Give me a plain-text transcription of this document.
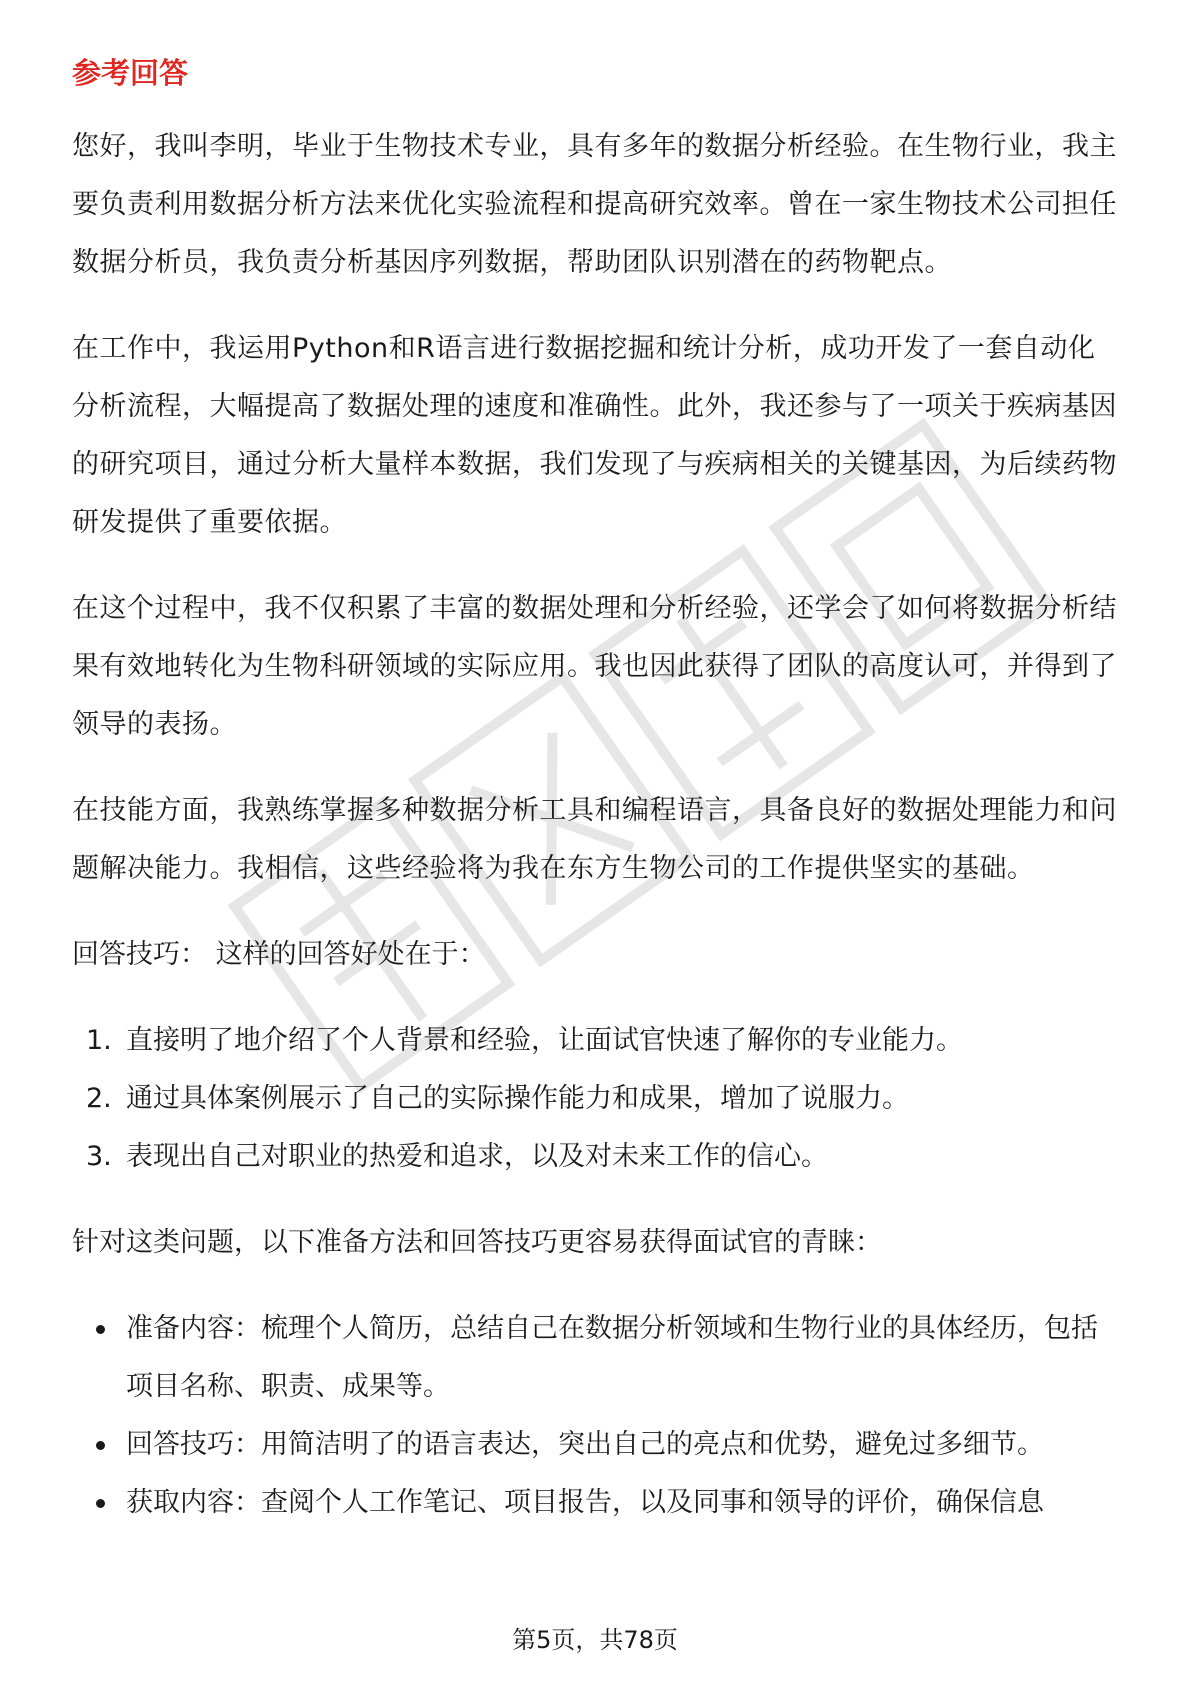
参考回答

您好，我叫李明，毕业于生物技术专业，具有多年的数据分析经验。在生物行业，我主要负责利用数据分析方法来优化实验流程和提高研究效率。曾在一家生物技术公司担任数据分析员，我负责分析基因序列数据，帮助团队识别潜在的药物靶点。

在工作中，我运用Python和R语言进行数据挖掘和统计分析，成功开发了一套自动化分析流程，大幅提高了数据处理的速度和准确性。此外，我还参与了一项关于疾病基因的研究项目，通过分析大量样本数据，我们发现了与疾病相关的关键基因，为后续药物研发提供了重要依据。

在这个过程中，我不仅积累了丰富的数据处理和分析经验，还学会了如何将数据分析结果有效地转化为生物科研领域的实际应用。我也因此获得了团队的高度认可，并得到了领导的表扬。

在技能方面，我熟练掌握多种数据分析工具和编程语言，具备良好的数据处理能力和问题解决能力。我相信，这些经验将为我在东方生物公司的工作提供坚实的基础。

回答技巧： 这样的回答好处在于：

1. 直接明了地介绍了个人背景和经验，让面试官快速了解你的专业能力。
2. 通过具体案例展示了自己的实际操作能力和成果，增加了说服力。
3. 表现出自己对职业的热爱和追求，以及对未来工作的信心。

针对这类问题，以下准备方法和回答技巧更容易获得面试官的青睐：

准备内容：梳理个人简历，总结自己在数据分析领域和生物行业的具体经历，包括项目名称、职责、成果等。
回答技巧：用简洁明了的语言表达，突出自己的亮点和优势，避免过多细节。
获取内容：查阅个人工作笔记、项目报告，以及同事和领导的评价，确保信息
第5页，共78页
